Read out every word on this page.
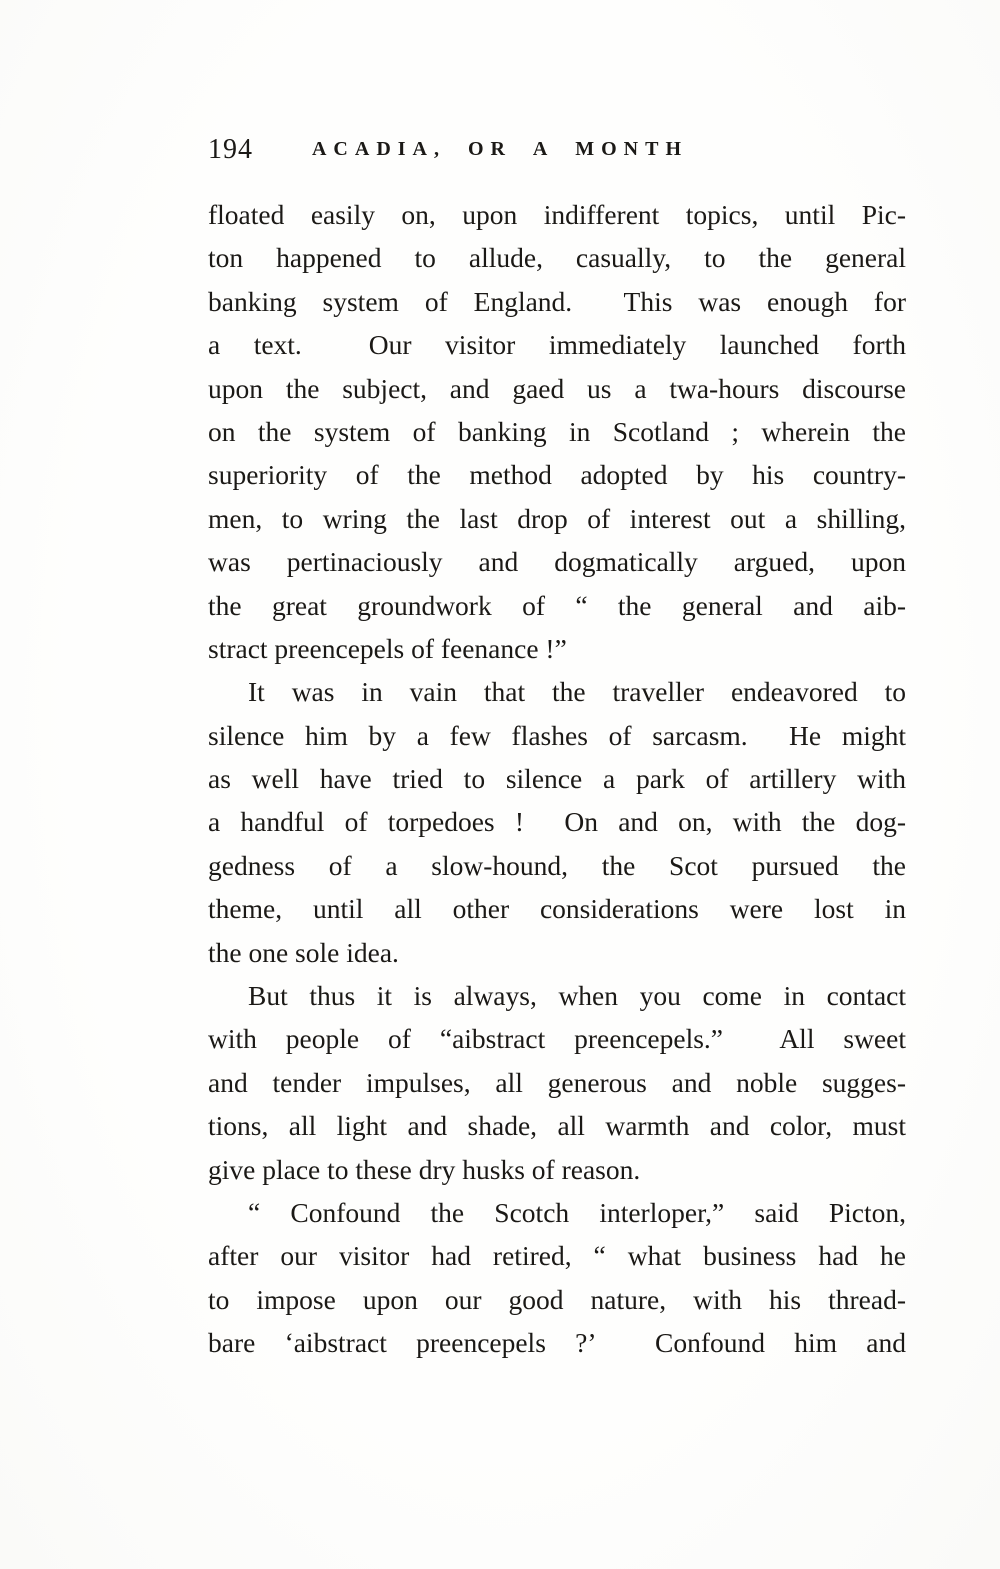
194	ACADIA, OR A MONTH
floated easily on, upon indifferent topics, until Pic-
ton happened to allude, casually, to the general
banking system of England.  This was enough for
a text.  Our visitor immediately launched forth
upon the subject, and gaed us a twa-hours discourse
on the system of banking in Scotland ; wherein the
superiority of the method adopted by his country-
men, to wring the last drop of interest out a shilling,
was pertinaciously and dogmatically argued, upon
the great groundwork of “ the general and aib-
stract preencepels of feenance !”
It was in vain that the traveller endeavored to
silence him by a few flashes of sarcasm.  He might
as well have tried to silence a park of artillery with
a handful of torpedoes !  On and on, with the dog-
gedness of a slow-hound, the Scot pursued the
theme, until all other considerations were lost in
the one sole idea.
But thus it is always, when you come in contact
with people of “aibstract preencepels.”  All sweet
and tender impulses, all generous and noble sugges-
tions, all light and shade, all warmth and color, must
give place to these dry husks of reason.
“ Confound the Scotch interloper,” said Picton,
after our visitor had retired, “ what business had he
to impose upon our good nature, with his thread-
bare ‘aibstract preencepels ?’  Confound him and
